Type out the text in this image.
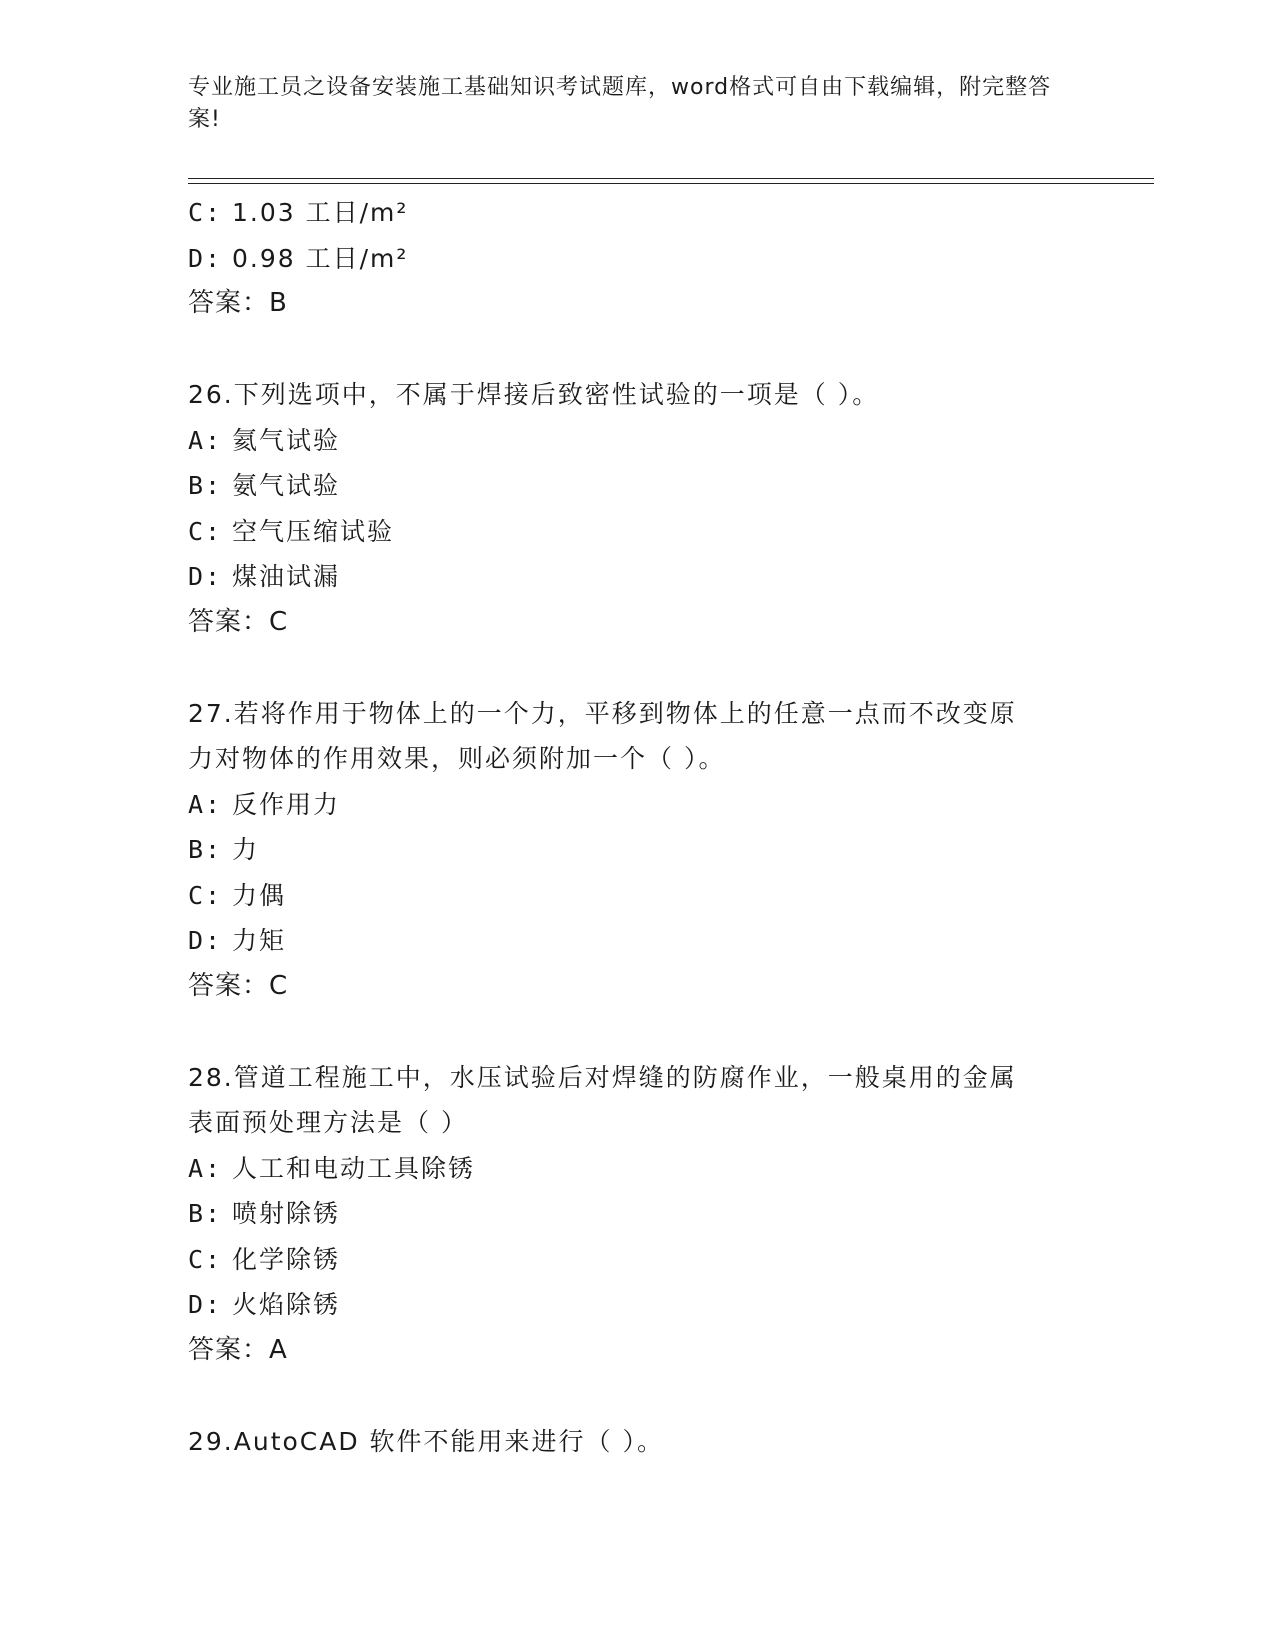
专业施工员之设备安装施工基础知识考试题库，word格式可自由下载编辑，附完整答案!
C: 1.03 工日/m²
D: 0.98 工日/m²
答案：B
26.下列选项中，不属于焊接后致密性试验的一项是（ ）。
A: 氦气试验
B: 氨气试验
C: 空气压缩试验
D: 煤油试漏
答案：C
27.若将作用于物体上的一个力，平移到物体上的任意一点而不改变原
力对物体的作用效果，则必须附加一个（ ）。
A: 反作用力
B: 力
C: 力偶
D: 力矩
答案：C
28.管道工程施工中，水压试验后对焊缝的防腐作业，一般桌用的金属
表面预处理方法是（ ）
A: 人工和电动工具除锈
B: 喷射除锈
C: 化学除锈
D: 火焰除锈
答案：A
29.AutoCAD 软件不能用来进行（ ）。
